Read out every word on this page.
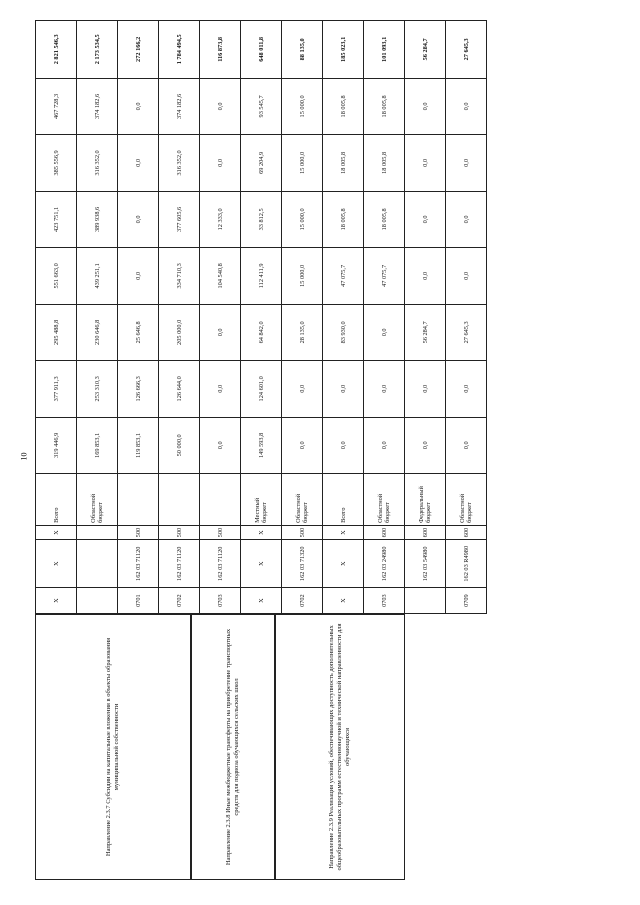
10
Направление 2.3.7 Субсидии на капитальные вложения в объекты образования муниципальной собственности	Направление 2.3.8 Иные межбюджетные трансферты на приобретение транспортных средств для подвоза обучающихся сельских школ	Направление 2.3.9 Реализация условий, обеспечивающих доступность дополнительных общеобразовательных программ естественнонаучной и технической направленности для обучающихся
Х	Х	Х	Всего	319 446,9	377 911,3	295 488,8	551 663,0	423 751,1	385 556,9	467 728,3	2 821 546,3
			Областной бюджет	169 853,1	253 310,3	230 646,8	439 251,1	389 938,6	316 352,0	374 182,6	2 173 534,5
0701	162 03 71120	500		119 853,1	126 666,3	25 646,8	0,0	0,0	0,0	0,0	272 166,2
0702	162 03 71120	500		50 000,0	126 644,0	205 000,0	334 710,3	377 605,6	316 352,0	374 182,6	1 784 494,5
0703	162 03 71120	500		0,0	0,0	0,0	104 540,8	12 333,0	0,0	0,0	116 873,8
Х	Х	Х	Местный бюджет	149 593,8	124 601,0	64 842,0	112 411,9	33 812,5	69 204,9	93 545,7	648 011,8
0702	162 03 71320	500	Областной бюджет	0,0	0,0	28 135,0	15 000,0	15 000,0	15 000,0	15 000,0	88 135,0
Х	Х	Х	Всего	0,0	0,0	83 930,0	47 075,7	18 005,8	18 005,8	18 005,8	185 023,1
0703	162 03 24980	600	Областной бюджет	0,0	0,0	0,0	47 075,7	18 005,8	18 005,8	18 005,8	101 093,1
	162 03 54980	600	Федеральный бюджет	0,0	0,0	56 284,7	0,0	0,0	0,0	0,0	56 284,7
0709	162 03 R4980	600	Областной бюджет	0,0	0,0	27 645,3	0,0	0,0	0,0	0,0	27 645,3
